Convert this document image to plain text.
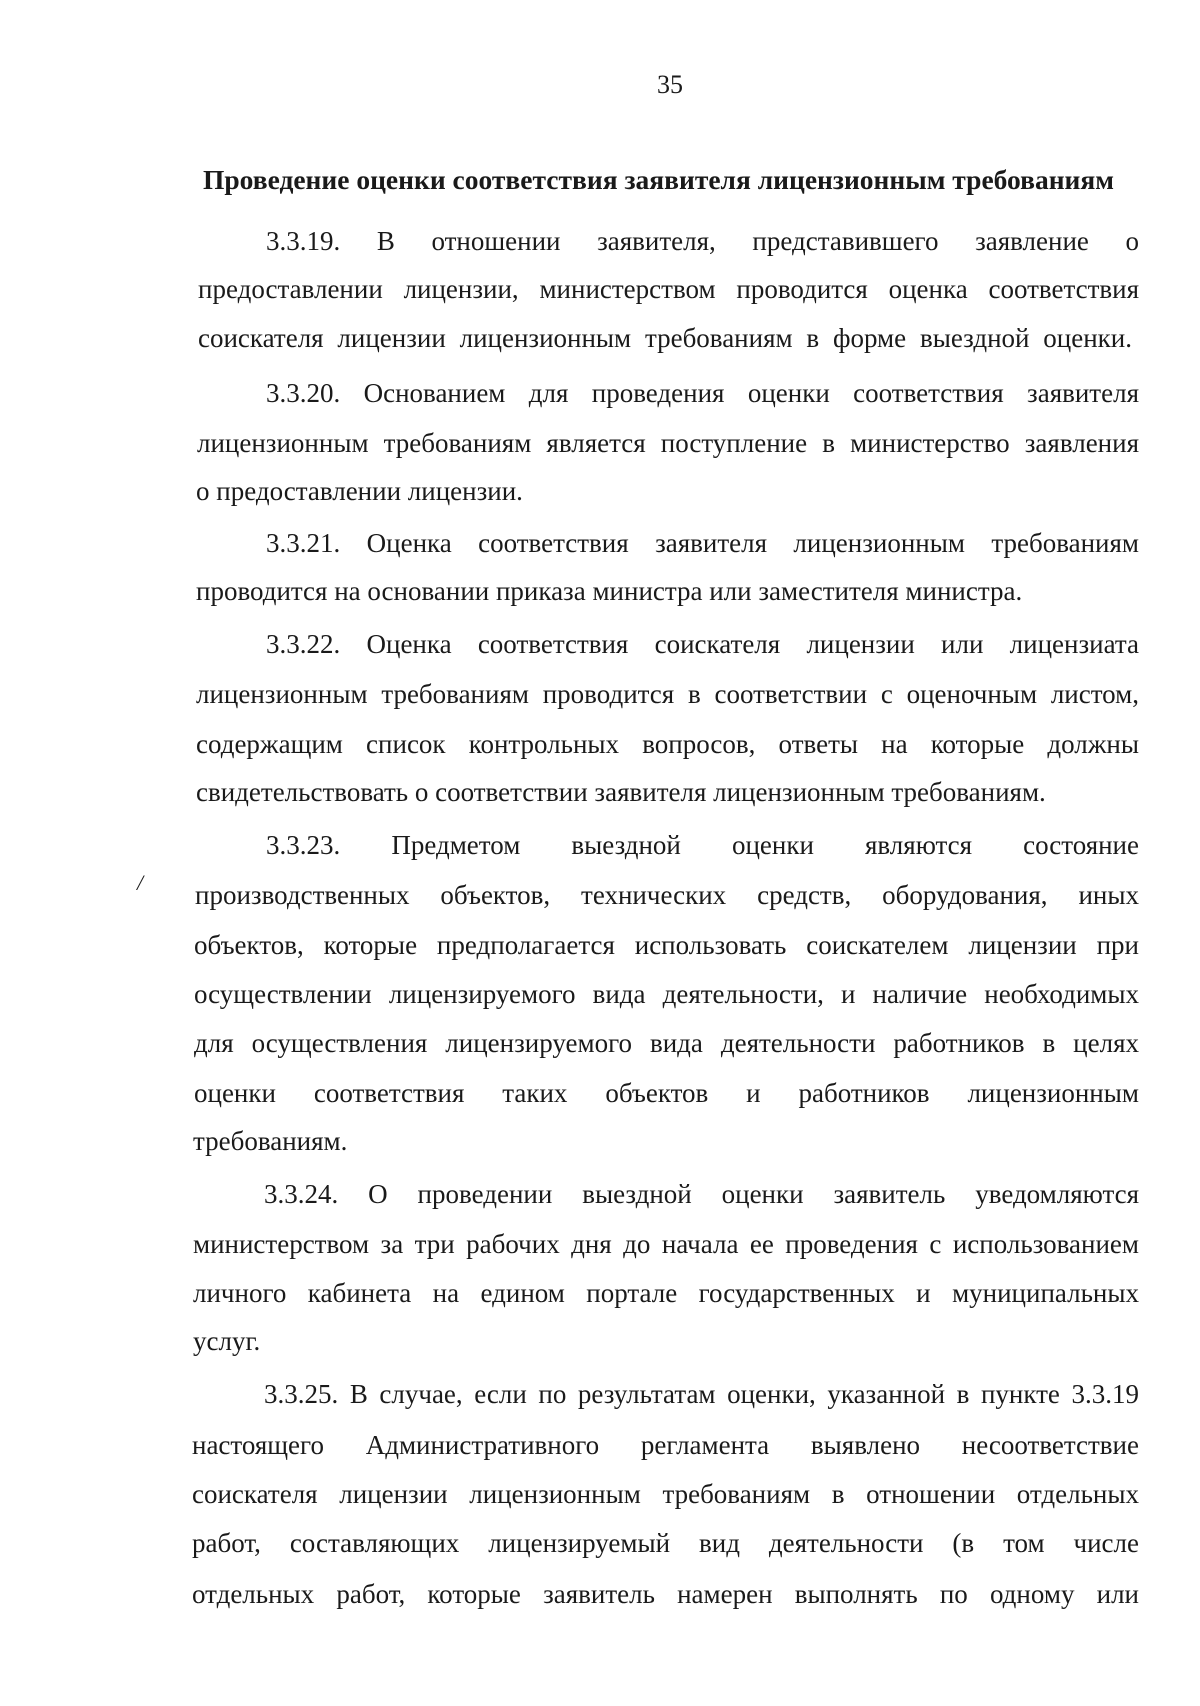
35
Проведение оценки соответствия заявителя лицензионным требованиям
/
3.3.19. В отношении заявителя, представившего заявление о
предоставлении лицензии, министерством проводится оценка соответствия
соискателя лицензии лицензионным требованиям в форме выездной оценки.
3.3.20. Основанием для проведения оценки соответствия заявителя
лицензионным требованиям является поступление в министерство заявления
о предоставлении лицензии.
3.3.21. Оценка соответствия заявителя лицензионным требованиям
проводится на основании приказа министра или заместителя министра.
3.3.22. Оценка соответствия соискателя лицензии или лицензиата
лицензионным требованиям проводится в соответствии с оценочным листом,
содержащим список контрольных вопросов, ответы на которые должны
свидетельствовать о соответствии заявителя лицензионным требованиям.
3.3.23. Предметом выездной оценки являются состояние
производственных объектов, технических средств, оборудования, иных
объектов, которые предполагается использовать соискателем лицензии при
осуществлении лицензируемого вида деятельности, и наличие необходимых
для осуществления лицензируемого вида деятельности работников в целях
оценки соответствия таких объектов и работников лицензионным
требованиям.
3.3.24. О проведении выездной оценки заявитель уведомляются
министерством за три рабочих дня до начала ее проведения с использованием
личного кабинета на едином портале государственных и муниципальных
услуг.
3.3.25. В случае, если по результатам оценки, указанной в пункте 3.3.19
настоящего Административного регламента выявлено несоответствие
соискателя лицензии лицензионным требованиям в отношении отдельных
работ, составляющих лицензируемый вид деятельности (в том числе
отдельных работ, которые заявитель намерен выполнять по одному или
